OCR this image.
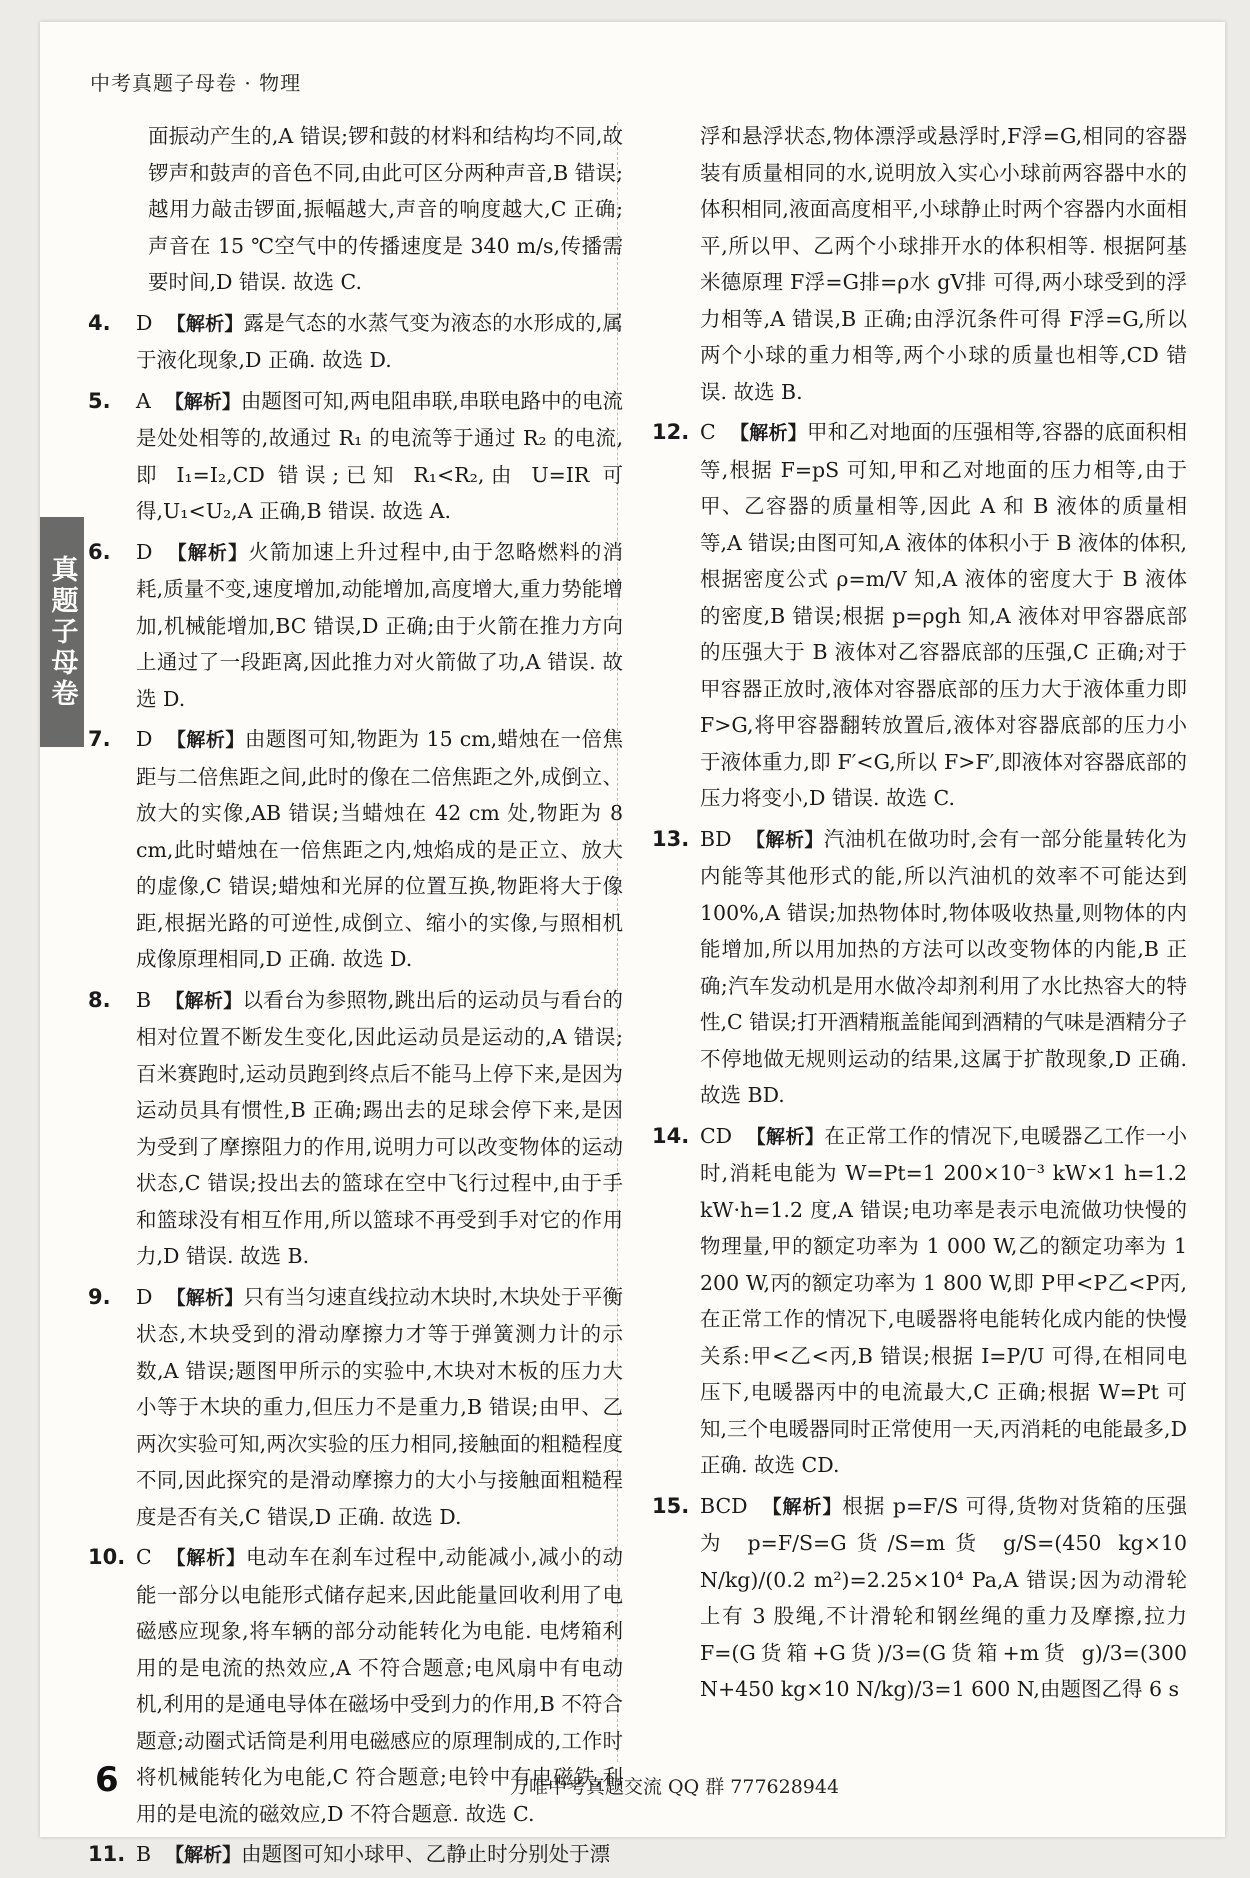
中考真题子母卷 · 物理
真题子母卷
面振动产生的,A 错误;锣和鼓的材料和结构均不同,故锣声和鼓声的音色不同,由此可区分两种声音,B 错误;越用力敲击锣面,振幅越大,声音的响度越大,C 正确;声音在 15 ℃空气中的传播速度是 340 m/s,传播需要时间,D 错误. 故选 C.
4. D 【解析】露是气态的水蒸气变为液态的水形成的,属于液化现象,D 正确. 故选 D.
5. A 【解析】由题图可知,两电阻串联,串联电路中的电流是处处相等的,故通过 R₁ 的电流等于通过 R₂ 的电流,即 I₁=I₂,CD 错误;已知 R₁<R₂,由 U=IR 可得,U₁<U₂,A 正确,B 错误. 故选 A.
6. D 【解析】火箭加速上升过程中,由于忽略燃料的消耗,质量不变,速度增加,动能增加,高度增大,重力势能增加,机械能增加,BC 错误,D 正确;由于火箭在推力方向上通过了一段距离,因此推力对火箭做了功,A 错误. 故选 D.
7. D 【解析】由题图可知,物距为 15 cm,蜡烛在一倍焦距与二倍焦距之间,此时的像在二倍焦距之外,成倒立、放大的实像,AB 错误;当蜡烛在 42 cm 处,物距为 8 cm,此时蜡烛在一倍焦距之内,烛焰成的是正立、放大的虚像,C 错误;蜡烛和光屏的位置互换,物距将大于像距,根据光路的可逆性,成倒立、缩小的实像,与照相机成像原理相同,D 正确. 故选 D.
8. B 【解析】以看台为参照物,跳出后的运动员与看台的相对位置不断发生变化,因此运动员是运动的,A 错误;百米赛跑时,运动员跑到终点后不能马上停下来,是因为运动员具有惯性,B 正确;踢出去的足球会停下来,是因为受到了摩擦阻力的作用,说明力可以改变物体的运动状态,C 错误;投出去的篮球在空中飞行过程中,由于手和篮球没有相互作用,所以篮球不再受到手对它的作用力,D 错误. 故选 B.
9. D 【解析】只有当匀速直线拉动木块时,木块处于平衡状态,木块受到的滑动摩擦力才等于弹簧测力计的示数,A 错误;题图甲所示的实验中,木块对木板的压力大小等于木块的重力,但压力不是重力,B 错误;由甲、乙两次实验可知,两次实验的压力相同,接触面的粗糙程度不同,因此探究的是滑动摩擦力的大小与接触面粗糙程度是否有关,C 错误,D 正确. 故选 D.
10. C 【解析】电动车在刹车过程中,动能减小,减小的动能一部分以电能形式储存起来,因此能量回收利用了电磁感应现象,将车辆的部分动能转化为电能. 电烤箱利用的是电流的热效应,A 不符合题意;电风扇中有电动机,利用的是通电导体在磁场中受到力的作用,B 不符合题意;动圈式话筒是利用电磁感应的原理制成的,工作时将机械能转化为电能,C 符合题意;电铃中有电磁铁,利用的是电流的磁效应,D 不符合题意. 故选 C.
11. B 【解析】由题图可知小球甲、乙静止时分别处于漂
浮和悬浮状态,物体漂浮或悬浮时,F浮=G,相同的容器装有质量相同的水,说明放入实心小球前两容器中水的体积相同,液面高度相平,小球静止时两个容器内水面相平,所以甲、乙两个小球排开水的体积相等. 根据阿基米德原理 F浮=G排=ρ水 gV排 可得,两小球受到的浮力相等,A 错误,B 正确;由浮沉条件可得 F浮=G,所以两个小球的重力相等,两个小球的质量也相等,CD 错误. 故选 B.
12. C 【解析】甲和乙对地面的压强相等,容器的底面积相等,根据 F=pS 可知,甲和乙对地面的压力相等,由于甲、乙容器的质量相等,因此 A 和 B 液体的质量相等,A 错误;由图可知,A 液体的体积小于 B 液体的体积,根据密度公式 ρ=m/V 知,A 液体的密度大于 B 液体的密度,B 错误;根据 p=ρgh 知,A 液体对甲容器底部的压强大于 B 液体对乙容器底部的压强,C 正确;对于甲容器正放时,液体对容器底部的压力大于液体重力即 F>G,将甲容器翻转放置后,液体对容器底部的压力小于液体重力,即 F′<G,所以 F>F′,即液体对容器底部的压力将变小,D 错误. 故选 C.
13. BD 【解析】汽油机在做功时,会有一部分能量转化为内能等其他形式的能,所以汽油机的效率不可能达到 100%,A 错误;加热物体时,物体吸收热量,则物体的内能增加,所以用加热的方法可以改变物体的内能,B 正确;汽车发动机是用水做冷却剂利用了水比热容大的特性,C 错误;打开酒精瓶盖能闻到酒精的气味是酒精分子不停地做无规则运动的结果,这属于扩散现象,D 正确. 故选 BD.
14. CD 【解析】在正常工作的情况下,电暖器乙工作一小时,消耗电能为 W=Pt=1 200×10⁻³ kW×1 h=1.2 kW·h=1.2 度,A 错误;电功率是表示电流做功快慢的物理量,甲的额定功率为 1 000 W,乙的额定功率为 1 200 W,丙的额定功率为 1 800 W,即 P甲<P乙<P丙,在正常工作的情况下,电暖器将电能转化成内能的快慢关系:甲<乙<丙,B 错误;根据 I=P/U 可得,在相同电压下,电暖器丙中的电流最大,C 正确;根据 W=Pt 可知,三个电暖器同时正常使用一天,丙消耗的电能最多,D 正确. 故选 CD.
15. BCD 【解析】根据 p=F/S 可得,货物对货箱的压强为 p=F/S=G货/S=m货 g/S=(450 kg×10 N/kg)/(0.2 m²)=2.25×10⁴ Pa,A 错误;因为动滑轮上有 3 股绳,不计滑轮和钢丝绳的重力及摩擦,拉力 F=(G货箱+G货)/3=(G货箱+m货 g)/3=(300 N+450 kg×10 N/kg)/3=1 600 N,由题图乙得 6 s
6	万唯中考真题交流 QQ 群 777628944
